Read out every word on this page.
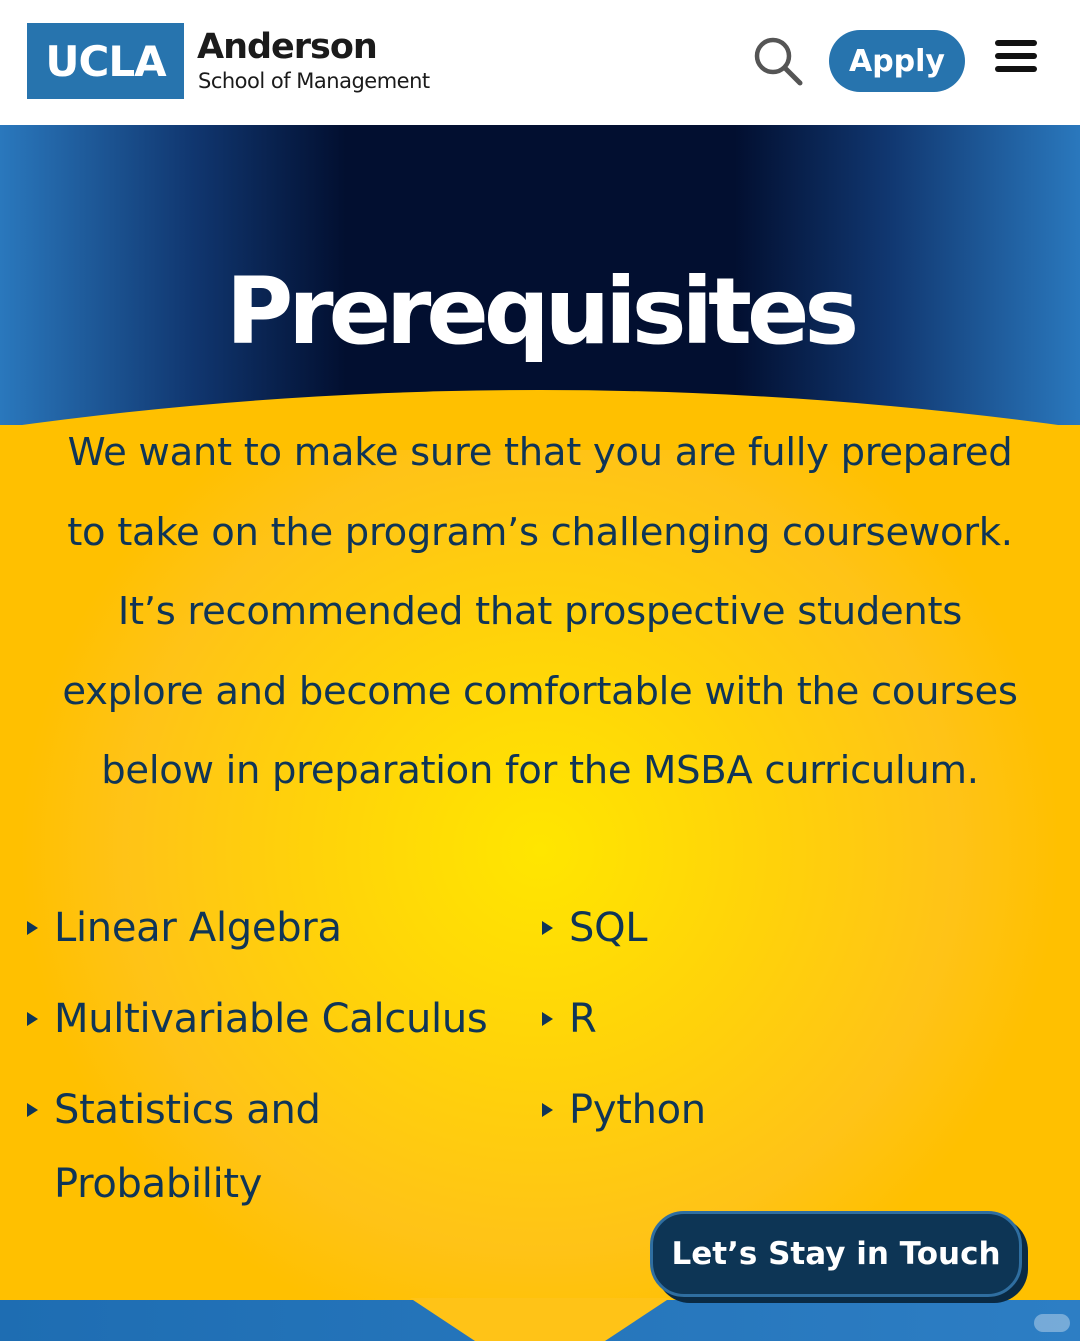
UCLA Anderson
School of Management
Apply
Prerequisites

We want to make sure that you are fully prepared
to take on the program’s challenging coursework.
It’s recommended that prospective students
explore and become comfortable with the courses
below in preparation for the MSBA curriculum.

Linear Algebra
Multivariable Calculus
Statistics and Probability
SQL
R
Python
Let’s Stay in Touch
